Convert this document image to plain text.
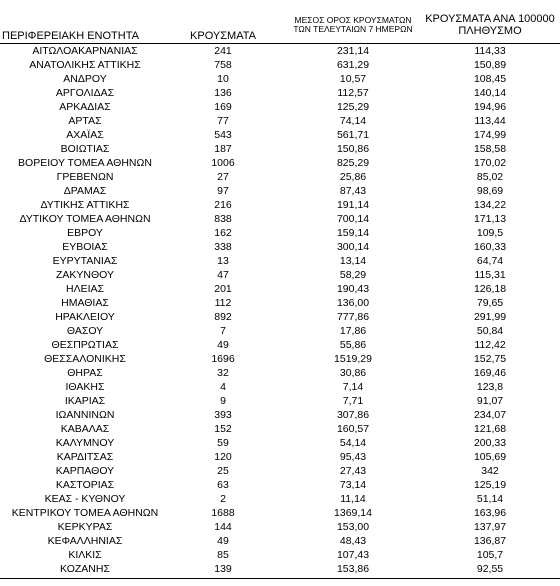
ΠΕΡΙΦΕΡΕΙΑΚΗ ΕΝΟΤΗΤΑ	ΚΡΟΥΣΜΑΤΑ
ΜΕΣΟΣ ΟΡΟΣ ΚΡΟΥΣΜΑΤΩΝ
ΤΩΝ ΤΕΛΕΥΤΑΙΩΝ 7 ΗΜΕΡΩΝ
ΚΡΟΥΣΜΑΤΑ ΑΝΑ 100000
ΠΛΗΘΥΣΜΟ
ΑΙΤΩΛΟΑΚΑΡΝΑΝΙΑΣ	241	231,14	114,33
ΑΝΑΤΟΛΙΚΗΣ ΑΤΤΙΚΗΣ	758	631,29	150,89
ΑΝΔΡΟΥ	10	10,57	108,45
ΑΡΓΟΛΙΔΑΣ	136	112,57	140,14
ΑΡΚΑΔΙΑΣ	169	125,29	194,96
ΑΡΤΑΣ	77	74,14	113,44
ΑΧΑΪΑΣ	543	561,71	174,99
ΒΟΙΩΤΙΑΣ	187	150,86	158,58
ΒΟΡΕΙΟΥ ΤΟΜΕΑ ΑΘΗΝΩΝ	1006	825,29	170,02
ΓΡΕΒΕΝΩΝ	27	25,86	85,02
ΔΡΑΜΑΣ	97	87,43	98,69
ΔΥΤΙΚΗΣ ΑΤΤΙΚΗΣ	216	191,14	134,22
ΔΥΤΙΚΟΥ ΤΟΜΕΑ ΑΘΗΝΩΝ	838	700,14	171,13
ΕΒΡΟΥ	162	159,14	109,5
ΕΥΒΟΙΑΣ	338	300,14	160,33
ΕΥΡΥΤΑΝΙΑΣ	13	13,14	64,74
ΖΑΚΥΝΘΟΥ	47	58,29	115,31
ΗΛΕΙΑΣ	201	190,43	126,18
ΗΜΑΘΙΑΣ	112	136,00	79,65
ΗΡΑΚΛΕΙΟΥ	892	777,86	291,99
ΘΑΣΟΥ	7	17,86	50,84
ΘΕΣΠΡΩΤΙΑΣ	49	55,86	112,42
ΘΕΣΣΑΛΟΝΙΚΗΣ	1696	1519,29	152,75
ΘΗΡΑΣ	32	30,86	169,46
ΙΘΑΚΗΣ	4	7,14	123,8
ΙΚΑΡΙΑΣ	9	7,71	91,07
ΙΩΑΝΝΙΝΩΝ	393	307,86	234,07
ΚΑΒΑΛΑΣ	152	160,57	121,68
ΚΑΛΥΜΝΟΥ	59	54,14	200,33
ΚΑΡΔΙΤΣΑΣ	120	95,43	105,69
ΚΑΡΠΑΘΟΥ	25	27,43	342
ΚΑΣΤΟΡΙΑΣ	63	73,14	125,19
ΚΕΑΣ - ΚΥΘΝΟΥ	2	11,14	51,14
ΚΕΝΤΡΙΚΟΥ ΤΟΜΕΑ ΑΘΗΝΩΝ	1688	1369,14	163,96
ΚΕΡΚΥΡΑΣ	144	153,00	137,97
ΚΕΦΑΛΛΗΝΙΑΣ	49	48,43	136,87
ΚΙΛΚΙΣ	85	107,43	105,7
ΚΟΖΑΝΗΣ	139	153,86	92,55
